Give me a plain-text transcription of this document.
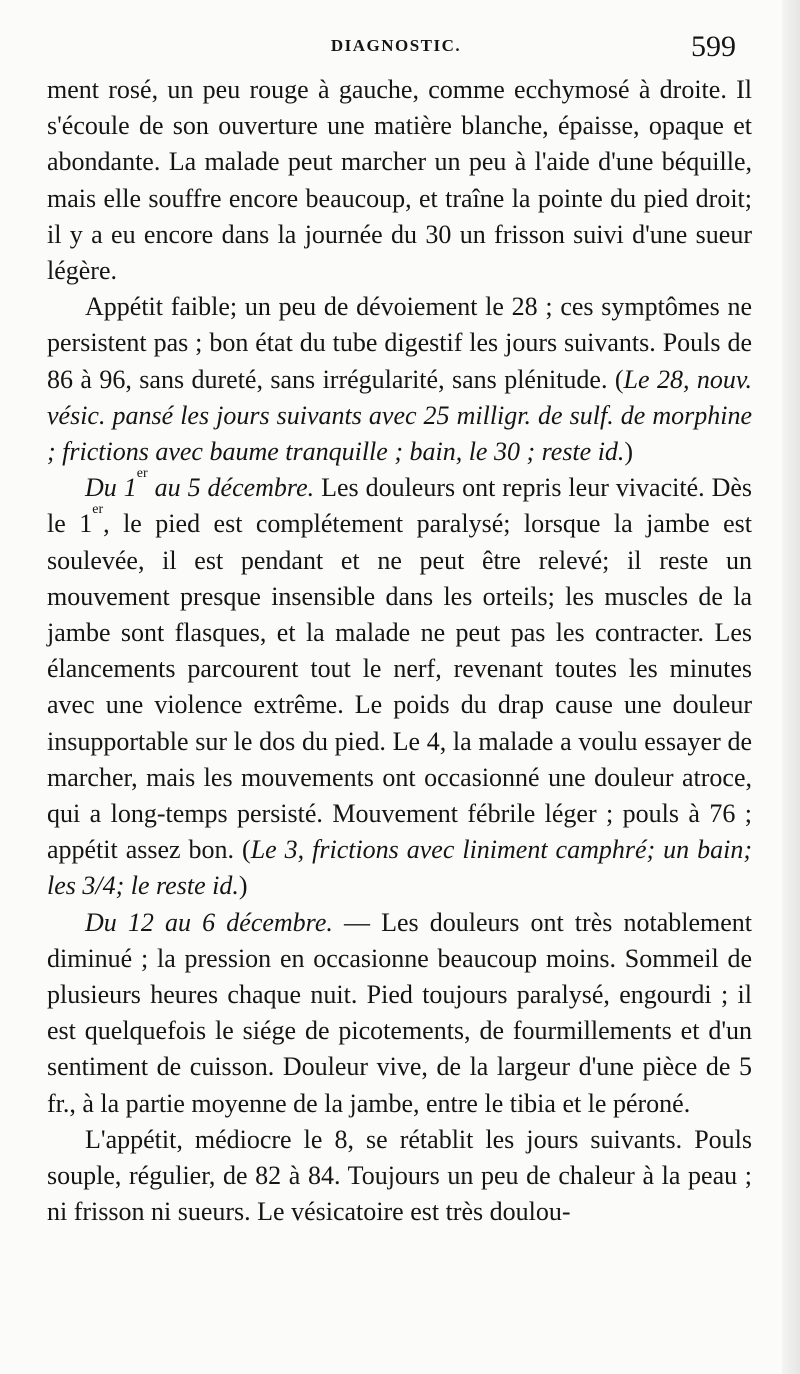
DIAGNOSTIC.	599

ment rosé, un peu rouge à gauche, comme ecchymosé à droite. Il s'écoule de son ouverture une matière blanche, épaisse, opaque et abondante. La malade peut marcher un peu à l'aide d'une béquille, mais elle souffre encore beaucoup, et traîne la pointe du pied droit; il y a eu encore dans la journée du 30 un frisson suivi d'une sueur légère.

Appétit faible; un peu de dévoiement le 28 ; ces symptômes ne persistent pas ; bon état du tube digestif les jours suivants. Pouls de 86 à 96, sans dureté, sans irrégularité, sans plénitude. (Le 28, nouv. vésic. pansé les jours suivants avec 25 milligr. de sulf. de morphine ; frictions avec baume tranquille ; bain, le 30 ; reste id.)

Du 1er au 5 décembre. Les douleurs ont repris leur vivacité. Dès le 1er, le pied est complétement paralysé; lorsque la jambe est soulevée, il est pendant et ne peut être relevé; il reste un mouvement presque insensible dans les orteils; les muscles de la jambe sont flasques, et la malade ne peut pas les contracter. Les élancements parcourent tout le nerf, revenant toutes les minutes avec une violence extrême. Le poids du drap cause une douleur insupportable sur le dos du pied. Le 4, la malade a voulu essayer de marcher, mais les mouvements ont occasionné une douleur atroce, qui a long-temps persisté. Mouvement fébrile léger ; pouls à 76 ; appétit assez bon. (Le 3, frictions avec liniment camphré; un bain; les 3/4; le reste id.)

Du 12 au 6 décembre. — Les douleurs ont très notablement diminué ; la pression en occasionne beaucoup moins. Sommeil de plusieurs heures chaque nuit. Pied toujours paralysé, engourdi ; il est quelquefois le siége de picotements, de fourmillements et d'un sentiment de cuisson. Douleur vive, de la largeur d'une pièce de 5 fr., à la partie moyenne de la jambe, entre le tibia et le péroné.

L'appétit, médiocre le 8, se rétablit les jours suivants. Pouls souple, régulier, de 82 à 84. Toujours un peu de chaleur à la peau ; ni frisson ni sueurs. Le vésicatoire est très doulou-
